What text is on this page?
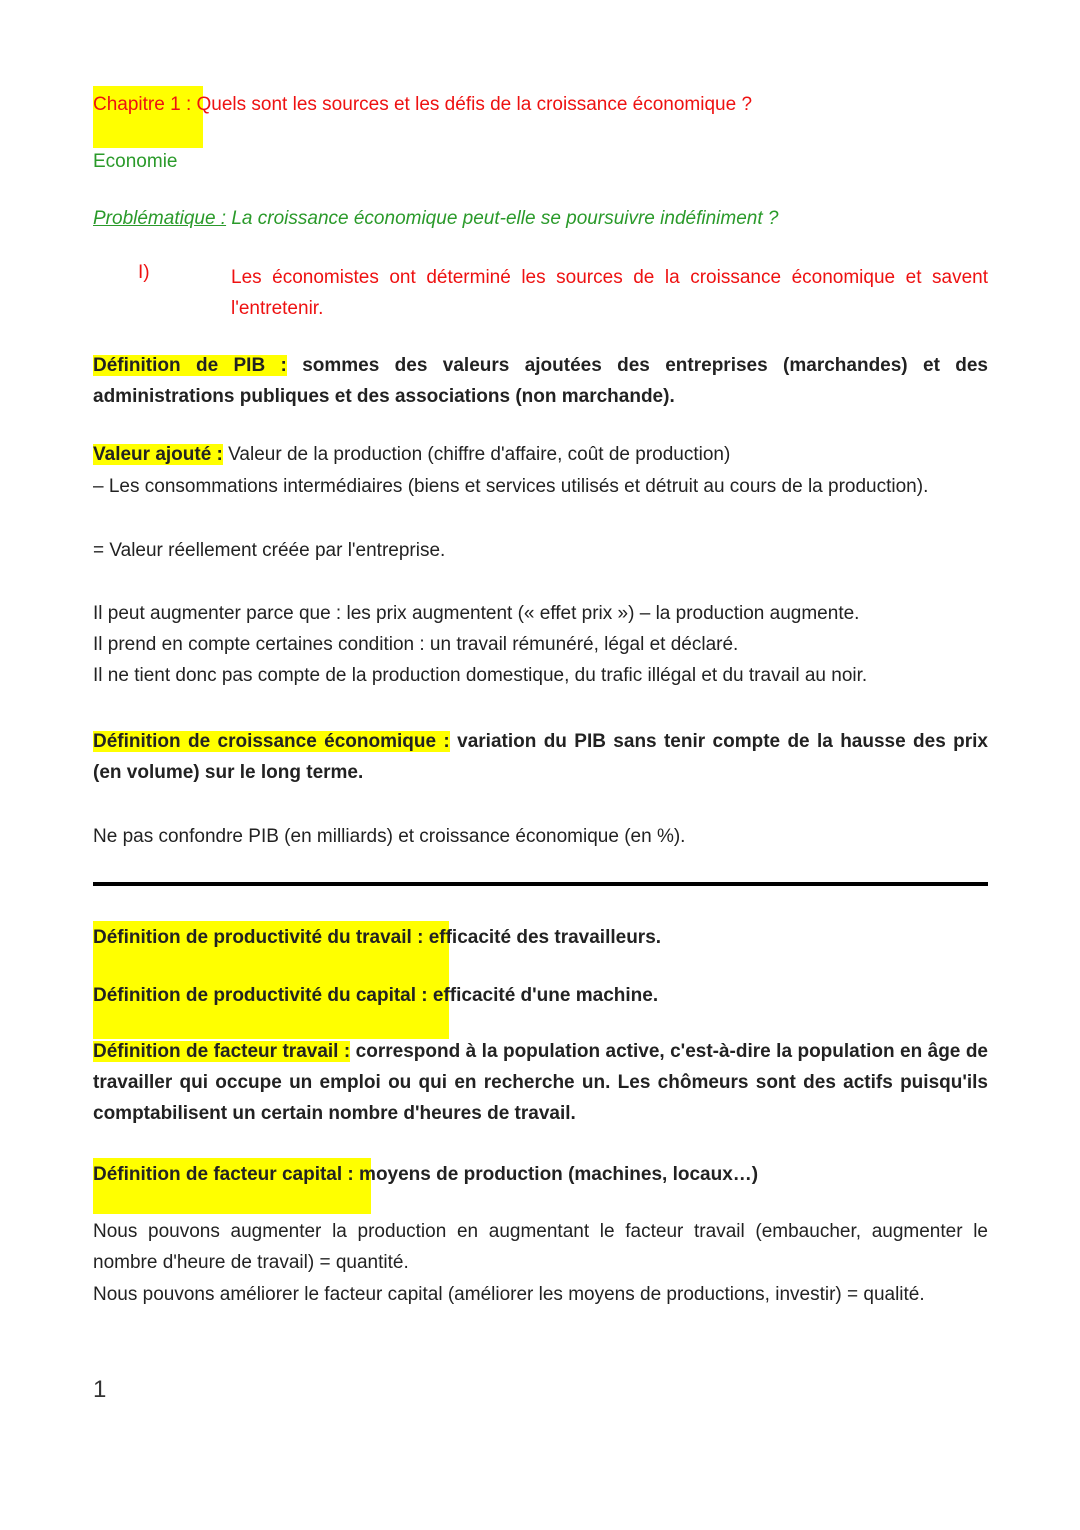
Chapitre 1 : Quels sont les sources et les défis de la croissance économique ?
Economie
Problématique : La croissance économique peut-elle se poursuivre indéfiniment ?
I)	Les économistes ont déterminé les sources de la croissance économique et savent l'entretenir.
Définition de PIB : sommes des valeurs ajoutées des entreprises (marchandes) et des administrations publiques et des associations (non marchande).
Valeur ajouté : Valeur de la production (chiffre d'affaire, coût de production)
– Les consommations intermédiaires (biens et services utilisés et détruit au cours de la production).
= Valeur réellement créée par l'entreprise.
Il peut augmenter parce que : les prix augmentent (« effet prix ») – la production augmente.
Il prend en compte certaines condition : un travail rémunéré, légal et déclaré.
Il ne tient donc pas compte de la production domestique, du trafic illégal et du travail au noir.
Définition de croissance économique : variation du PIB sans tenir compte de la hausse des prix (en volume) sur le long terme.
Ne pas confondre PIB (en milliards) et croissance économique (en %).
Définition de productivité du travail : efficacité des travailleurs.
Définition de productivité du capital : efficacité d'une machine.
Définition de facteur travail : correspond à la population active, c'est-à-dire la population en âge de travailler qui occupe un emploi ou qui en recherche un. Les chômeurs sont des actifs puisqu'ils comptabilisent un certain nombre d'heures de travail.
Définition de facteur capital : moyens de production (machines, locaux…)
Nous pouvons augmenter la production en augmentant le facteur travail (embaucher, augmenter le nombre d'heure de travail) = quantité.
Nous pouvons améliorer le facteur capital (améliorer les moyens de productions, investir) = qualité.
1
